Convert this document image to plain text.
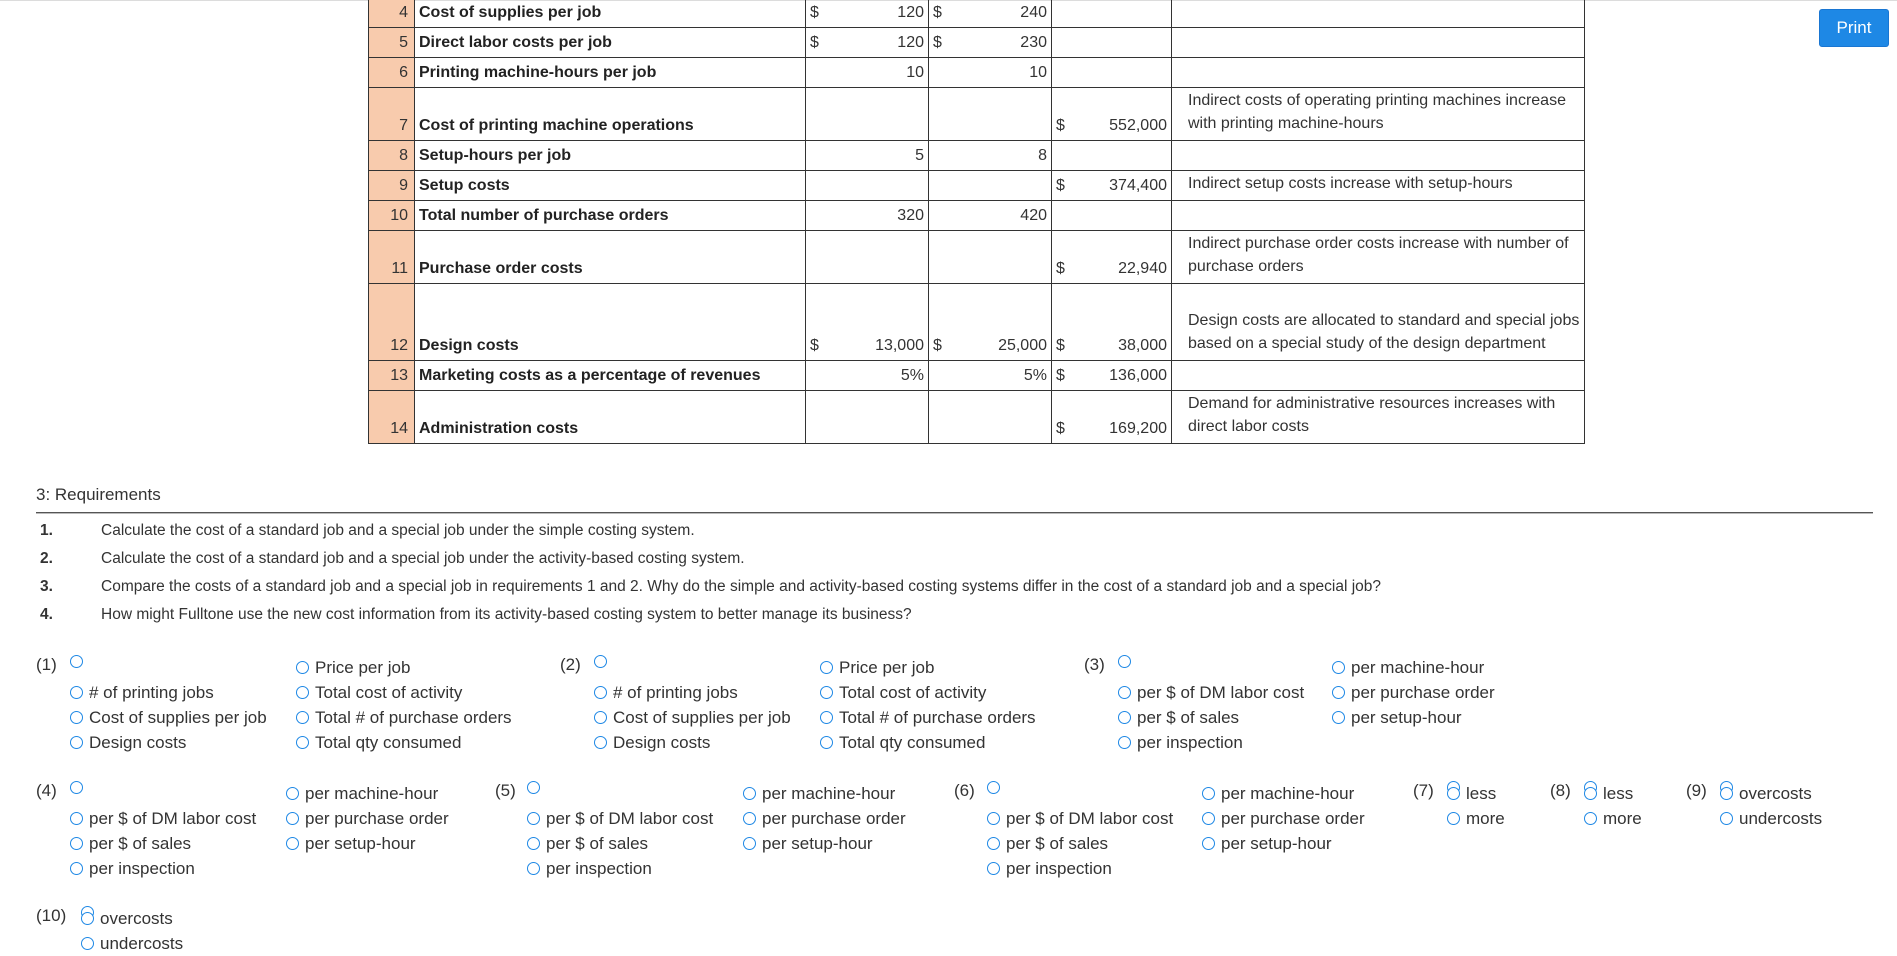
Print
4	Cost of supplies per job	$ 120	$ 240		

5	Direct labor costs per job	$ 120	$ 230		

6	Printing machine-hours per job	10	10		

7	Cost of printing machine operations			$ 552,000	Indirect costs of operating printing machines increase with printing machine-hours
8	Setup-hours per job	5	8		

9	Setup costs			$ 374,400	Indirect setup costs increase with setup-hours
10	Total number of purchase orders	320	420		

11	Purchase order costs			$ 22,940	Indirect purchase order costs increase with number of purchase orders
12	Design costs	$ 13,000	$ 25,000	$ 38,000	Design costs are allocated to standard and special jobs based on a special study of the design department
13	Marketing costs as a percentage of revenues	5%	5%	$ 136,000	

14	Administration costs			$ 169,200	Demand for administrative resources increases with direct labor costs
3: Requirements
1.	Calculate the cost of a standard job and a special job under the simple costing system.
2.	Calculate the cost of a standard job and a special job under the activity-based costing system.
3.	Compare the costs of a standard job and a special job in requirements 1 and 2. Why do the simple and activity-based costing systems differ in the cost of a standard job and a special job?
4.	How might Fulltone use the new cost information from its activity-based costing system to better manage its business?
(1)
# of printing jobs
Cost of supplies per job
Design costs
Price per job
Total cost of activity
Total # of purchase orders
Total qty consumed
(2)
# of printing jobs
Cost of supplies per job
Design costs
Price per job
Total cost of activity
Total # of purchase orders
Total qty consumed
(3)
per $ of DM labor cost
per $ of sales
per inspection
per machine-hour
per purchase order
per setup-hour
(4)
per $ of DM labor cost
per $ of sales
per inspection
per machine-hour
per purchase order
per setup-hour
(5)
per $ of DM labor cost
per $ of sales
per inspection
per machine-hour
per purchase order
per setup-hour
(6)
per $ of DM labor cost
per $ of sales
per inspection
per machine-hour
per purchase order
per setup-hour
(7) less
more
(8) less
more
(9) overcosts
undercosts
(10) overcosts
undercosts
